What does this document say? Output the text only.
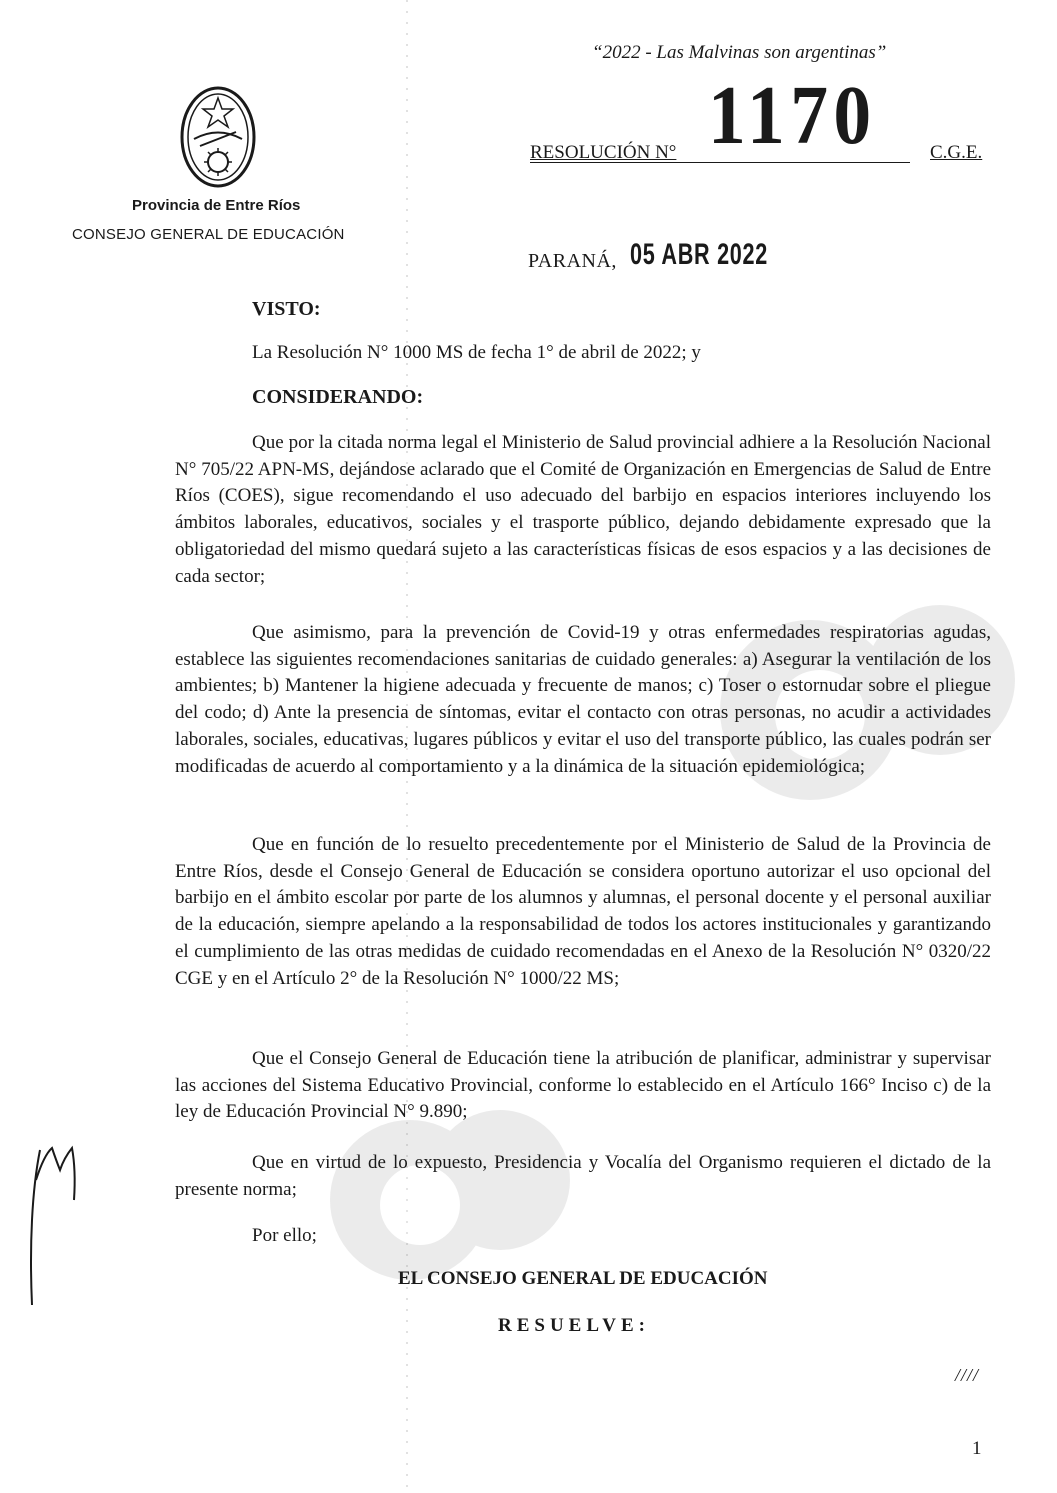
“2022 - Las Malvinas son argentinas”
Provincia de Entre Ríos
CONSEJO GENERAL DE EDUCACIÓN
RESOLUCIÓN N° 1170	C.G.E.
PARANÁ, 05 ABR 2022
VISTO:
La Resolución N° 1000 MS de fecha 1° de abril de 2022; y
CONSIDERANDO:

Que por la citada norma legal el Ministerio de Salud provincial adhiere a la Resolución Nacional N° 705/22 APN-MS, dejándose aclarado que el Comité de Organización en Emergencias de Salud de Entre Ríos (COES), sigue recomendando el uso adecuado del barbijo en espacios interiores incluyendo los ámbitos laborales, educativos, sociales y el trasporte público, dejando debidamente expresado que la obligatoriedad del mismo quedará sujeto a las características físicas de esos espacios y a las decisiones de cada sector;

Que asimismo, para la prevención de Covid-19 y otras enfermedades respiratorias agudas, establece las siguientes recomendaciones sanitarias de cuidado generales: a) Asegurar la ventilación de los ambientes; b) Mantener la higiene adecuada y frecuente de manos; c) Toser o estornudar sobre el pliegue del codo; d) Ante la presencia de síntomas, evitar el contacto con otras personas, no acudir a actividades laborales, sociales, educativas, lugares públicos y evitar el uso del transporte público, las cuales podrán ser modificadas de acuerdo al comportamiento y a la dinámica de la situación epidemiológica;

Que en función de lo resuelto precedentemente por el Ministerio de Salud de la Provincia de Entre Ríos, desde el Consejo General de Educación se considera oportuno autorizar el uso opcional del barbijo en el ámbito escolar por parte de los alumnos y alumnas, el personal docente y el personal auxiliar de la educación, siempre apelando a la responsabilidad de todos los actores institucionales y garantizando el cumplimiento de las otras medidas de cuidado recomendadas en el Anexo de la Resolución N° 0320/22 CGE y en el Artículo 2° de la Resolución N° 1000/22 MS;

Que el Consejo General de Educación tiene la atribución de planificar, administrar y supervisar las acciones del Sistema Educativo Provincial, conforme lo establecido en el Artículo 166° Inciso c) de la ley de Educación Provincial N° 9.890;

Que en virtud de lo expuesto, Presidencia y Vocalía del Organismo requieren el dictado de la presente norma;

Por ello;
EL CONSEJO GENERAL DE EDUCACIÓN
RESUELVE:
////
1
